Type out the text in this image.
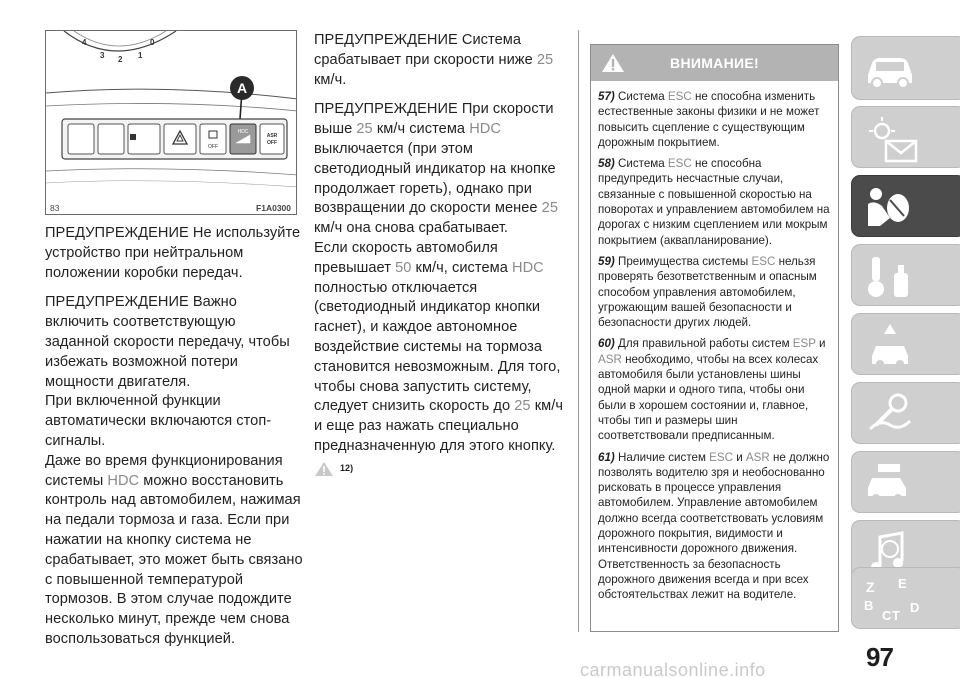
4
3 2 1
0
A
OFF
HDC
ASR
OFF
83	F1A0300

ПРЕДУПРЕЖДЕНИЕ Не используйте устройство при нейтральном положении коробки передач.

ПРЕДУПРЕЖДЕНИЕ Важно

включить соответствующую заданной скорости передачу, чтобы избежать возможной потери мощности двигателя.

При включенной функции автоматически включаются стоп-сигналы.

Даже во время функционирования системы HDC можно восстановить контроль над автомобилем, нажимая на педали тормоза и газа. Если при нажатии на кнопку система не срабатывает, это может быть связано с повышенной температурой тормозов. В этом случае подождите несколько минут, прежде чем снова воспользоваться функцией.

ПРЕДУПРЕЖДЕНИЕ Система срабатывает при скорости ниже 25
км/ч.

ПРЕДУПРЕЖДЕНИЕ При скорости выше 25 км/ч система HDC выключается (при этом светодиодный индикатор на кнопке продолжает гореть), однако при возвращении до скорости менее 25 км/ч она снова срабатывает.

Если скорость автомобиля превышает 50 км/ч, система HDC полностью отключается (светодиодный индикатор кнопки гаснет), и каждое автономное воздействие системы на тормоза становится невозможным. Для того, чтобы снова запустить систему, следует снизить скорость до 25 км/ч и еще раз нажать специально предназначенную для этого кнопку.

12)
ВНИМАНИЕ!

57) Система ESC не способна изменить естественные законы физики и не может повысить сцепление с существующим дорожным покрытием.

58) Система ESC не способна предупредить несчастные случаи, связанные с повышенной скоростью на поворотах и управлением автомобилем на дорогах с низким сцеплением или мокрым покрытием (аквапланирование).

59) Преимущества системы ESC нельзя проверять безответственным и опасным способом управления автомобилем, угрожающим вашей безопасности и безопасности других людей.

60) Для правильной работы систем ESP и ASR необходимо, чтобы на всех колесах автомобиля были установлены шины одной марки и одного типа, чтобы они были в хорошем состоянии и, главное, чтобы тип и размеры шин соответствовали предписанным.

61) Наличие систем ESC и ASR не должно позволять водителю зря и необоснованно рисковать в процессе управления автомобилем. Управление автомобилем должно всегда соответствовать условиям дорожного покрытия, видимости и интенсивности дорожного движения. Ответственность за безопасность дорожного движения всегда и при всех обстоятельствах лежит на водителе.	Z E
B
C T
D
97
carmanualsonline.info
